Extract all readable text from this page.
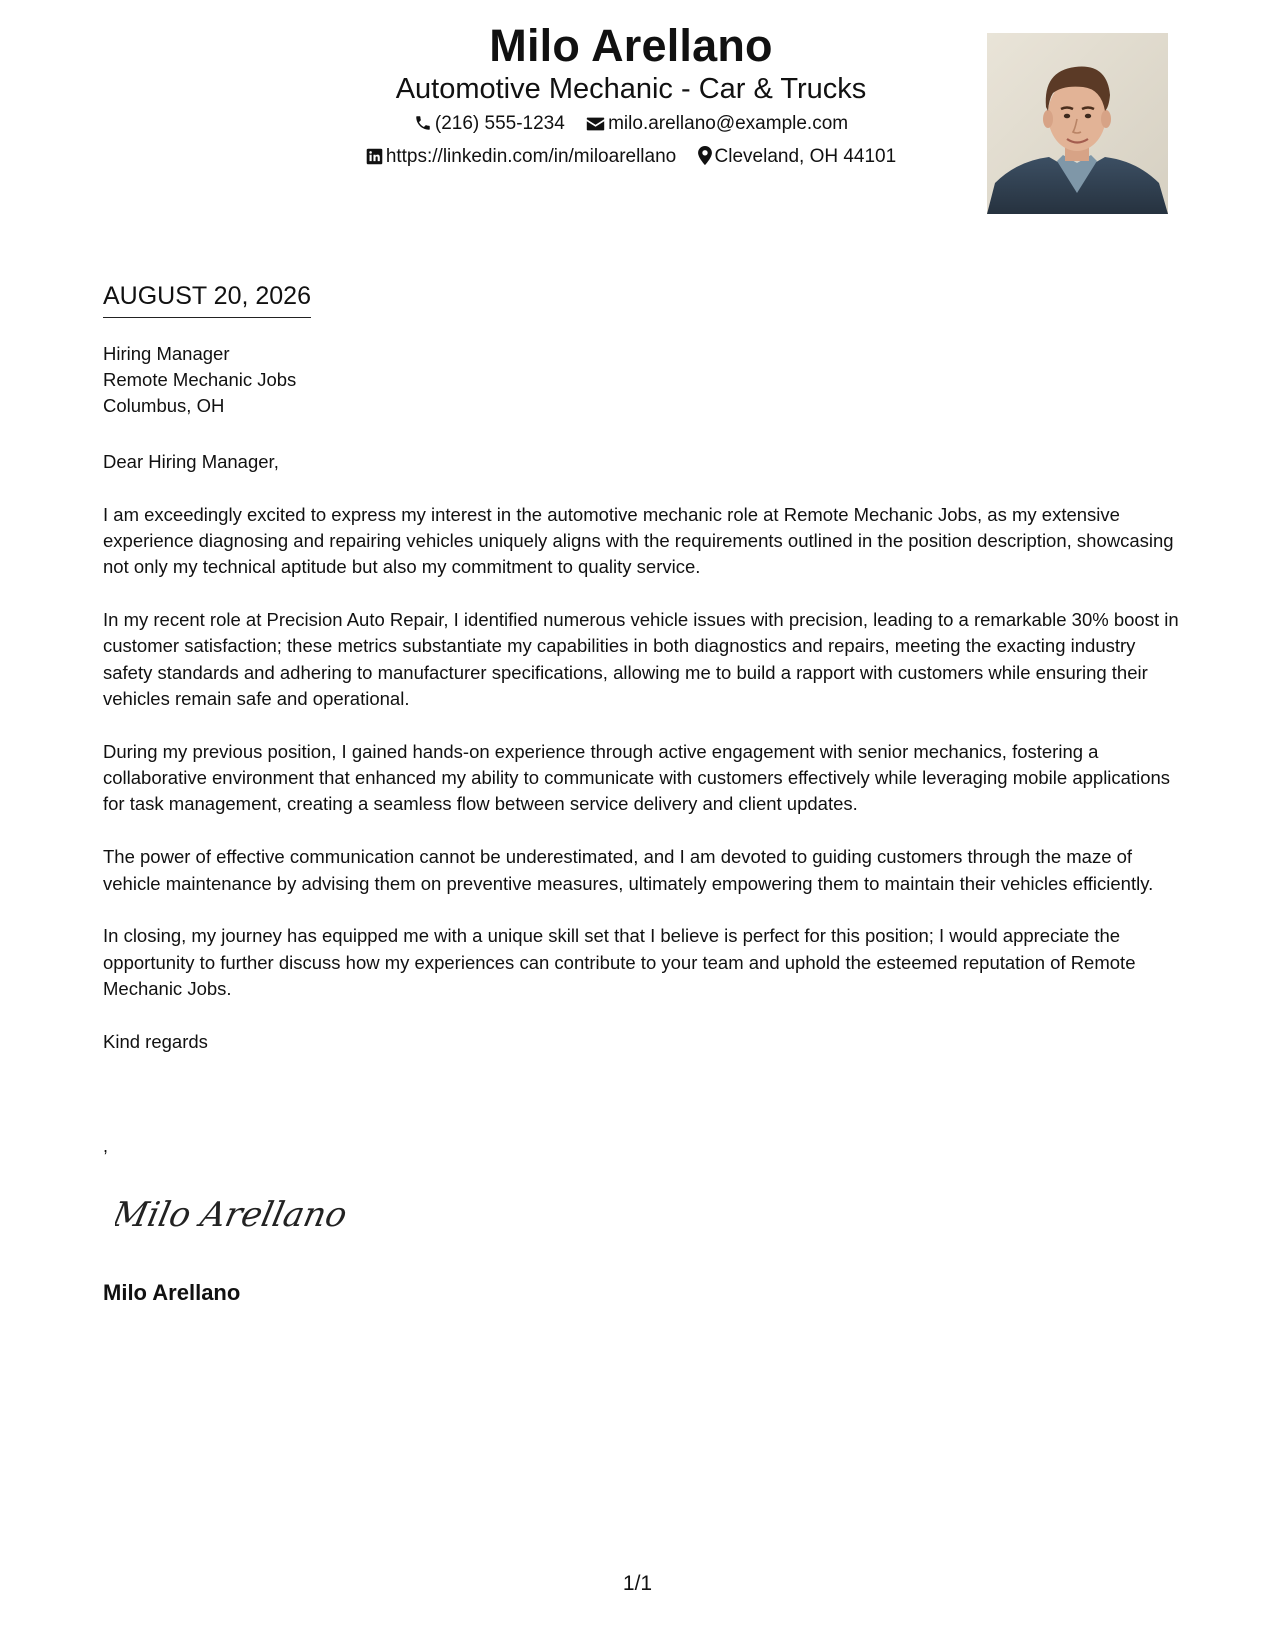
Milo Arellano
Automotive Mechanic - Car & Trucks
(216) 555-1234 milo.arellano@example.com
https://linkedin.com/in/miloarellano Cleveland, OH 44101
AUGUST 20, 2026
Hiring Manager
Remote Mechanic Jobs
Columbus, OH

Dear Hiring Manager,

I am exceedingly excited to express my interest in the automotive mechanic role at Remote Mechanic Jobs, as my extensive experience diagnosing and repairing vehicles uniquely aligns with the requirements outlined in the position description, showcasing not only my technical aptitude but also my commitment to quality service.

In my recent role at Precision Auto Repair, I identified numerous vehicle issues with precision, leading to a remarkable 30% boost in customer satisfaction; these metrics substantiate my capabilities in both diagnostics and repairs, meeting the exacting industry safety standards and adhering to manufacturer specifications, allowing me to build a rapport with customers while ensuring their vehicles remain safe and operational.

During my previous position, I gained hands-on experience through active engagement with senior mechanics, fostering a collaborative environment that enhanced my ability to communicate with customers effectively while leveraging mobile applications for task management, creating a seamless flow between service delivery and client updates.

The power of effective communication cannot be underestimated, and I am devoted to guiding customers through the maze of vehicle maintenance by advising them on preventive measures, ultimately empowering them to maintain their vehicles efficiently.

In closing, my journey has equipped me with a unique skill set that I believe is perfect for this position; I would appreciate the opportunity to further discuss how my experiences can contribute to your team and uphold the esteemed reputation of Remote Mechanic Jobs.

Kind regards

,
Milo Arellano
Milo Arellano
1/1
